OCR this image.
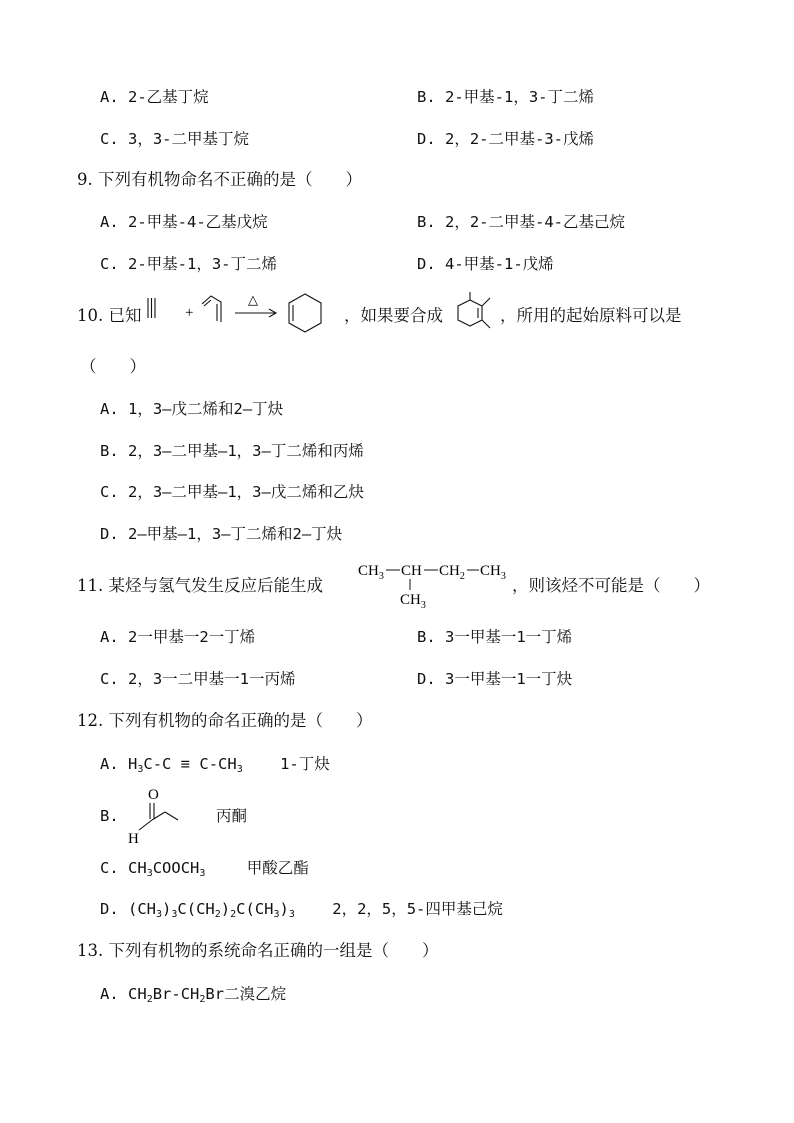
A. 2-乙基丁烷	B. 2-甲基-1，3-丁二烯
C. 3，3-二甲基丁烷	D. 2，2-二甲基-3-戊烯
9. 下列有机物命名不正确的是（　　）
A. 2-甲基-4-乙基戊烷	B. 2，2-二甲基-4-乙基己烷
C. 2-甲基-1，3-丁二烯	D. 4-甲基-1-戊烯
10. 已知	+
△
，如果要合成	，所用的起始原料可以是
（　　）
A. 1，3—戊二烯和2—丁炔
B. 2，3—二甲基—1，3—丁二烯和丙烯
C. 2，3—二甲基—1，3—戊二烯和乙炔
D. 2—甲基—1，3—丁二烯和2—丁炔
11. 某烃与氢气发生反应后能生成
$CH_3$ CH $CH_2$ $CH_3$
$CH_3$
，则该烃不可能是（　　）
A. 2一甲基一2一丁烯	B. 3一甲基一1一丁烯
C. 2，3一二甲基一1一丙烯	D. 3一甲基一1一丁炔
12. 下列有机物的命名正确的是（　　）
A. $H_3C-C \equiv C-CH_3$ 1-丁炔
B.
O
H
丙酮
C. $CH_3COOCH_3$	甲酸乙酯
D. $(CH_3)_3C(CH_2)_2C(CH_3)_3$ 2，2，5，5-四甲基己烷
13. 下列有机物的系统命名正确的一组是（　　）
A. $CH_2Br-CH_2Br$二溴乙烷
